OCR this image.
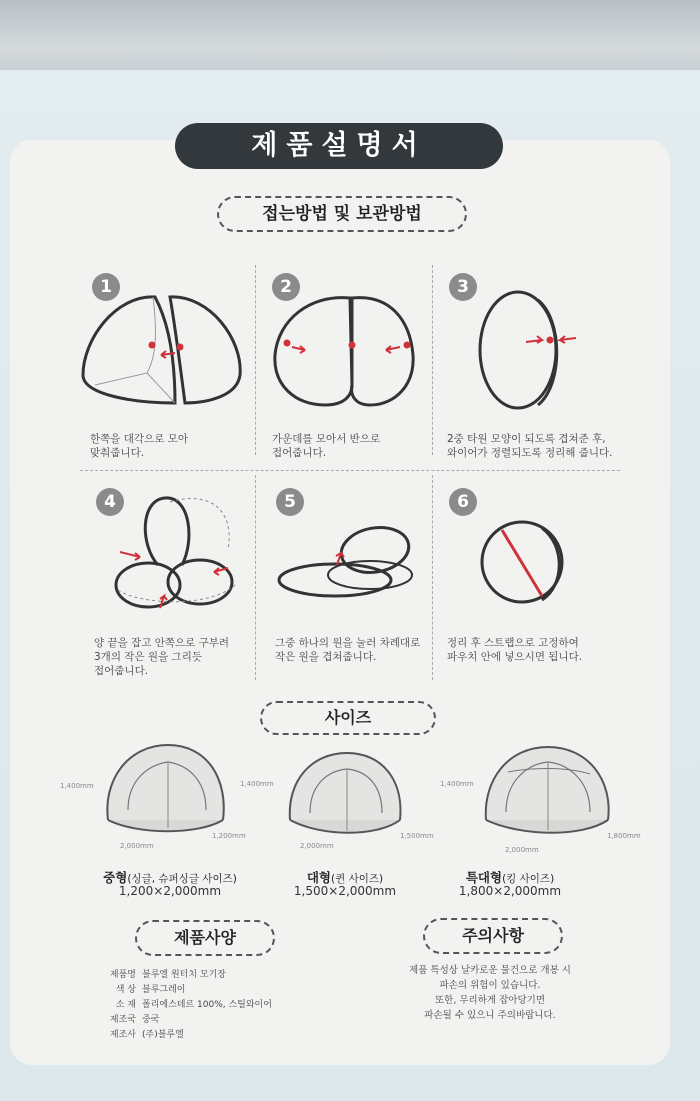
제품설명서
접는방법 및 보관방법
1
한쪽을 대각으로 모아
맞춰줍니다.
2
가운데를 모아서 반으로
접어줍니다.
3
2중 타원 모양이 되도록 겹쳐준 후,
와이어가 정렬되도록 정리해 줍니다.
4
양 끝을 잡고 안쪽으로 구부려
3개의 작은 원을 그리듯
접어줍니다.
5
그중 하나의 원을 눌러 차례대로
작은 원을 겹쳐줍니다.
6
정리 후 스트랩으로 고정하여
파우치 안에 넣으시면 됩니다.
사이즈
1,400mm
2,000mm
1,200mm
중형(싱글, 슈퍼싱글 사이즈)
1,200×2,000mm
1,400mm
2,000mm
1,500mm
대형(퀸 사이즈)
1,500×2,000mm
1,400mm
2,000mm
1,800mm
특대형(킹 사이즈)
1,800×2,000mm
제품사양
제품명 블루엘 원터치 모기장
색 상 블루그레이
소 재 폴리에스테르 100%, 스틸와이어
제조국 중국
제조사 (주)블루엘
주의사항
제품 특성상 날카로운 물건으로 개봉 시
파손의 위험이 있습니다.
또한, 무리하게 잡아당기면
파손될 수 있으니 주의바랍니다.
